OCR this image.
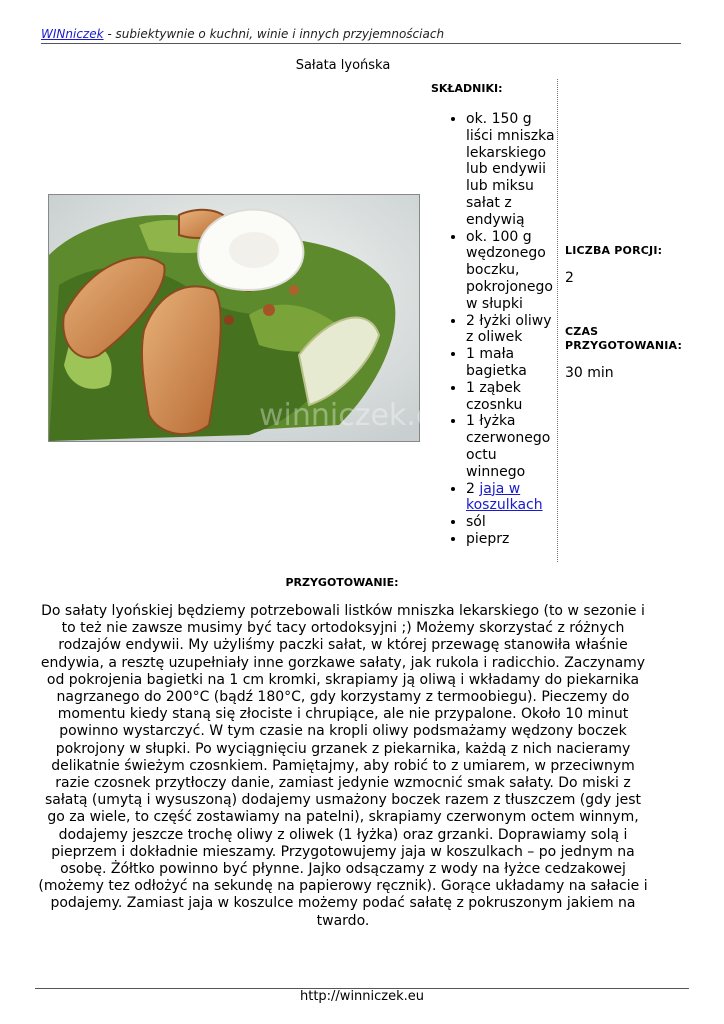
WINniczek - subiektywnie o kuchni, winie i innych przyjemnościach
Sałata lyońska
winniczek.eu
SKŁADNIKI:
• ok. 150 g liści mniszka lekarskiego lub endywii lub miksu sałat z endywią
• ok. 100 g wędzonego boczku, pokrojonego w słupki
• 2 łyżki oliwy z oliwek
• 1 mała bagietka
• 1 ząbek czosnku
• 1 łyżka czerwonego octu winnego
• 2 jaja w koszulkach
• sól
• pieprz
LICZBA PORCJI:
2
CZAS PRZYGOTOWANIA:
30 min
PRZYGOTOWANIE:
Do sałaty lyońskiej będziemy potrzebowali listków mniszka lekarskiego (to w sezonie i to też nie zawsze musimy być tacy ortodoksyjni ;) Możemy skorzystać z różnych rodzajów endywii. My użyliśmy paczki sałat, w której przewagę stanowiła właśnie endywia, a resztę uzupełniały inne gorzkawe sałaty, jak rukola i radicchio. Zaczynamy od pokrojenia bagietki na 1 cm kromki, skrapiamy ją oliwą i wkładamy do piekarnika nagrzanego do 200°C (bądź 180°C, gdy korzystamy z termoobiegu). Pieczemy do momentu kiedy staną się złociste i chrupiące, ale nie przypalone. Około 10 minut powinno wystarczyć. W tym czasie na kropli oliwy podsmażamy wędzony boczek pokrojony w słupki. Po wyciągnięciu grzanek z piekarnika, każdą z nich nacieramy delikatnie świeżym czosnkiem. Pamiętajmy, aby robić to z umiarem, w przeciwnym razie czosnek przytłoczy danie, zamiast jedynie wzmocnić smak sałaty. Do miski z sałatą (umytą i wysuszoną) dodajemy usmażony boczek razem z tłuszczem (gdy jest go za wiele, to część zostawiamy na patelni), skrapiamy czerwonym octem winnym, dodajemy jeszcze trochę oliwy z oliwek (1 łyżka) oraz grzanki. Doprawiamy solą i pieprzem i dokładnie mieszamy. Przygotowujemy jaja w koszulkach – po jednym na osobę. Żółtko powinno być płynne. Jajko odsączamy z wody na łyżce cedzakowej (możemy tez odłożyć na sekundę na papierowy ręcznik). Gorące układamy na sałacie i podajemy. Zamiast jaja w koszulce możemy podać sałatę z pokruszonym jakiem na twardo.
http://winniczek.eu
